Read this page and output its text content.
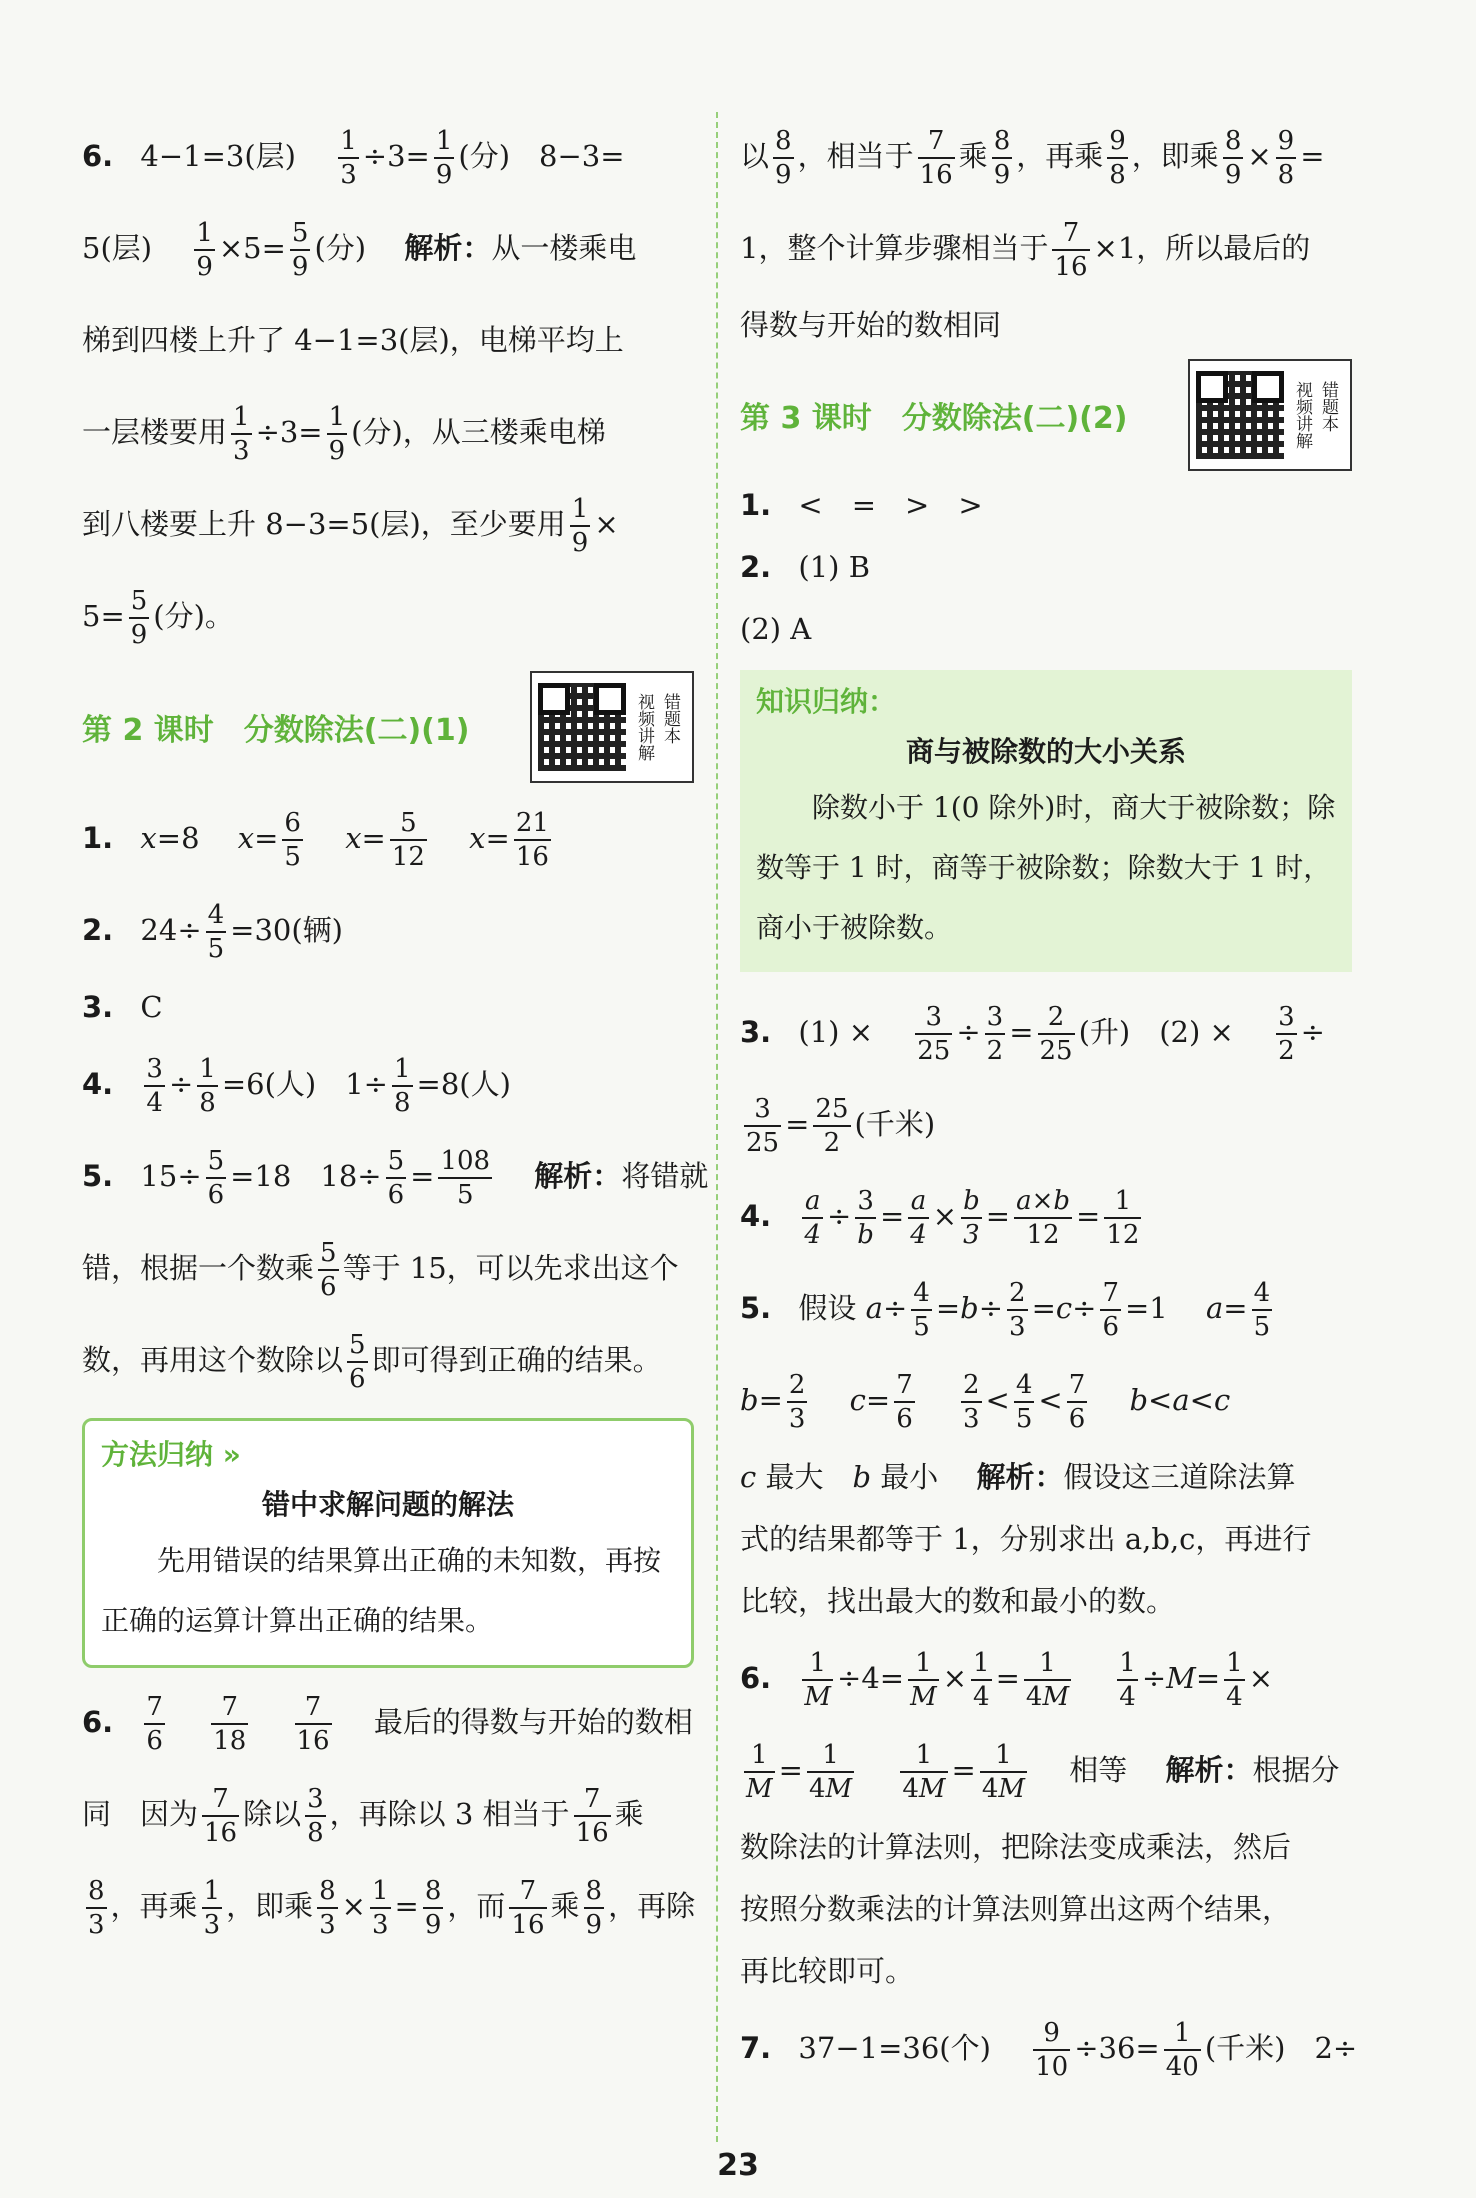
6. 4−1=3(层)　 $\frac{1}{3} \div 3= \frac{1}{9}$ (分)　8−3=
5(层)　 $\frac{1}{9} \times 5= \frac{5}{9}$ (分)　 解析：从一楼乘电
梯到四楼上升了 4−1=3(层)，电梯平均上
一层楼要用 $\frac{1}{3} \div 3= \frac{1}{9}$ (分)，从三楼乘电梯
到八楼要上升 8−3=5(层)，至少要用 $\frac{1}{9}$ ×
$5= \frac{5}{9}$ (分)。
第 2 课时　分数除法(二)(1)	视频讲解 错题本
1. x=8　 $x= \frac{6}{5}$
　 $x= \frac{5}{12}$
　 $x= \frac{21}{16}$
2. $24\div \frac{4}{5} =30$(辆)
3. C
4. $\frac{3}{4} \div \frac{1}{8} =6$(人)　$1\div \frac{1}{8} =8$(人)
5. $15\div \frac{5}{6} =18$　$18\div \frac{5}{6} = \frac{108}{5}$
　 解析：将错就
错，根据一个数乘 $\frac{5}{6}$ 等于 15，可以先求出这个
数，再用这个数除以 $\frac{5}{6}$ 即可得到正确的结果。
方法归纳 »
错中求解问题的解法
先用错误的结果算出正确的未知数，再按正确的运算计算出正确的结果。
6. $\frac{7}{6}$
　 $\frac{7}{18}$
　 $\frac{7}{16}$
　 最后的得数与开始的数相
同　因为 $\frac{7}{16}$ 除以 $\frac{3}{8}$ ，再除以 3 相当于 $\frac{7}{16}$ 乘
$\frac{8}{3}$ ，再乘 $\frac{1}{3}$ ，即乘 $\frac{8}{3} \times \frac{1}{3} = \frac{8}{9}$ ，而 $\frac{7}{16}$ 乘 $\frac{8}{9}$ ，再除
以 $\frac{8}{9}$ ，相当于 $\frac{7}{16}$ 乘 $\frac{8}{9}$ ，再乘 $\frac{9}{8}$ ，即乘 $\frac{8}{9} \times \frac{9}{8}$ =
1，整个计算步骤相当于 $\frac{7}{16} \times 1$，所以最后的
得数与开始的数相同
第 3 课时　分数除法(二)(2)	视频讲解 错题本
1. <　=　>　>
2. (1) B
(2) A
知识归纳：
商与被除数的大小关系
除数小于 1(0 除外)时，商大于被除数；除数等于 1 时，商等于被除数；除数大于 1 时，商小于被除数。
3. (1) ×　 $\frac{3}{25} \div \frac{3}{2} = \frac{2}{25}$ (升)　(2) ×　 $\frac{3}{2}$ ÷
$\frac{3}{25} = \frac{25}{2}$ (千米)
4. $\frac{a}{4} \div \frac{3}{b} = \frac{a}{4} \times \frac{b}{3} = \frac{a\times b}{12} = \frac{1}{12}$
5. 假设 $a\div \frac{4}{5} =b\div \frac{2}{3} =c\div \frac{7}{6} =1$　 $a= \frac{4}{5}$
$b= \frac{2}{3}$
　 $c= \frac{7}{6}$
　 $\frac{2}{3} < \frac{4}{5} < \frac{7}{6}$
　 b<a<c
c 最大　 b 最小　 解析：假设这三道除法算
式的结果都等于 1，分别求出 a,b,c，再进行
比较，找出最大的数和最小的数。
6. $\frac{1}{M} \div 4= \frac{1}{M} \times \frac{1}{4} = \frac{1}{4M}$
　 $\frac{1}{4} \div M= \frac{1}{4}$ ×
$\frac{1}{M} = \frac{1}{4M}$
　 $\frac{1}{4M} = \frac{1}{4M}$
　 相等　 解析：根据分
数除法的计算法则，把除法变成乘法，然后
按照分数乘法的计算法则算出这两个结果，
再比较即可。
7. 37−1=36(个)　 $\frac{9}{10} \div 36= \frac{1}{40}$ (千米)　2÷
23
